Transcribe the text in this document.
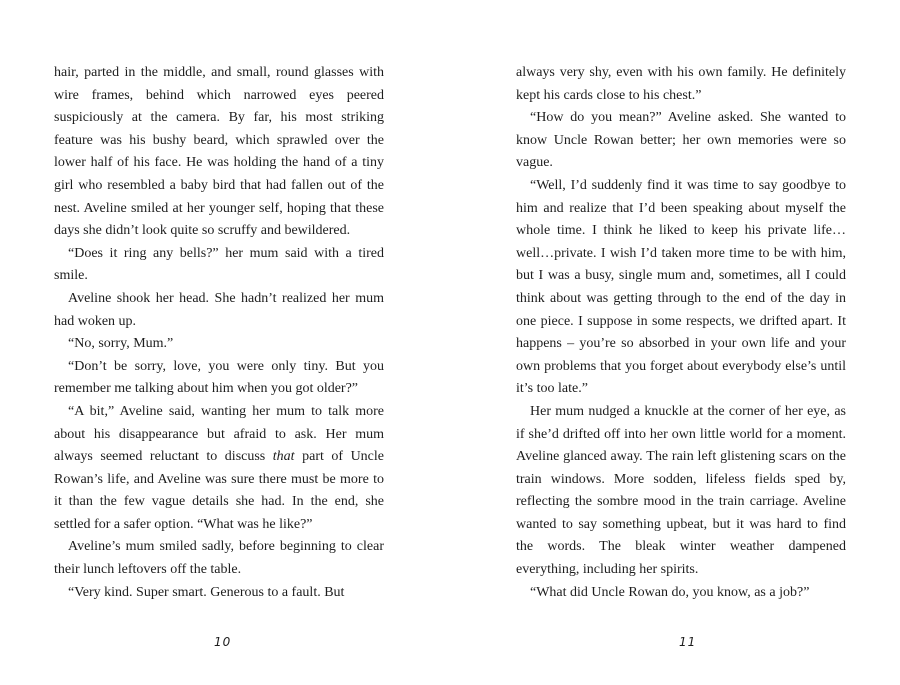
hair, parted in the middle, and small, round glasses with wire frames, behind which narrowed eyes peered suspiciously at the camera. By far, his most striking feature was his bushy beard, which sprawled over the lower half of his face. He was holding the hand of a tiny girl who resembled a baby bird that had fallen out of the nest. Aveline smiled at her younger self, hoping that these days she didn’t look quite so scruffy and bewildered.

“Does it ring any bells?” her mum said with a tired smile.

Aveline shook her head. She hadn’t realized her mum had woken up.

“No, sorry, Mum.”

“Don’t be sorry, love, you were only tiny. But you remember me talking about him when you got older?”

“A bit,” Aveline said, wanting her mum to talk more about his disappearance but afraid to ask. Her mum always seemed reluctant to discuss that part of Uncle Rowan’s life, and Aveline was sure there must be more to it than the few vague details she had. In the end, she settled for a safer option. “What was he like?”

Aveline’s mum smiled sadly, before beginning to clear their lunch leftovers off the table.

“Very kind. Super smart. Generous to a fault. But

10

always very shy, even with his own family. He definitely kept his cards close to his chest.”

“How do you mean?” Aveline asked. She wanted to know Uncle Rowan better; her own memories were so vague.

“Well, I’d suddenly find it was time to say goodbye to him and realize that I’d been speaking about myself the whole time. I think he liked to keep his private life… well…private. I wish I’d taken more time to be with him, but I was a busy, single mum and, sometimes, all I could think about was getting through to the end of the day in one piece. I suppose in some respects, we drifted apart. It happens – you’re so absorbed in your own life and your own problems that you forget about everybody else’s until it’s too late.”

Her mum nudged a knuckle at the corner of her eye, as if she’d drifted off into her own little world for a moment. Aveline glanced away. The rain left glistening scars on the train windows. More sodden, lifeless fields sped by, reflecting the sombre mood in the train carriage. Aveline wanted to say something upbeat, but it was hard to find the words. The bleak winter weather dampened everything, including her spirits.

“What did Uncle Rowan do, you know, as a job?”

11
